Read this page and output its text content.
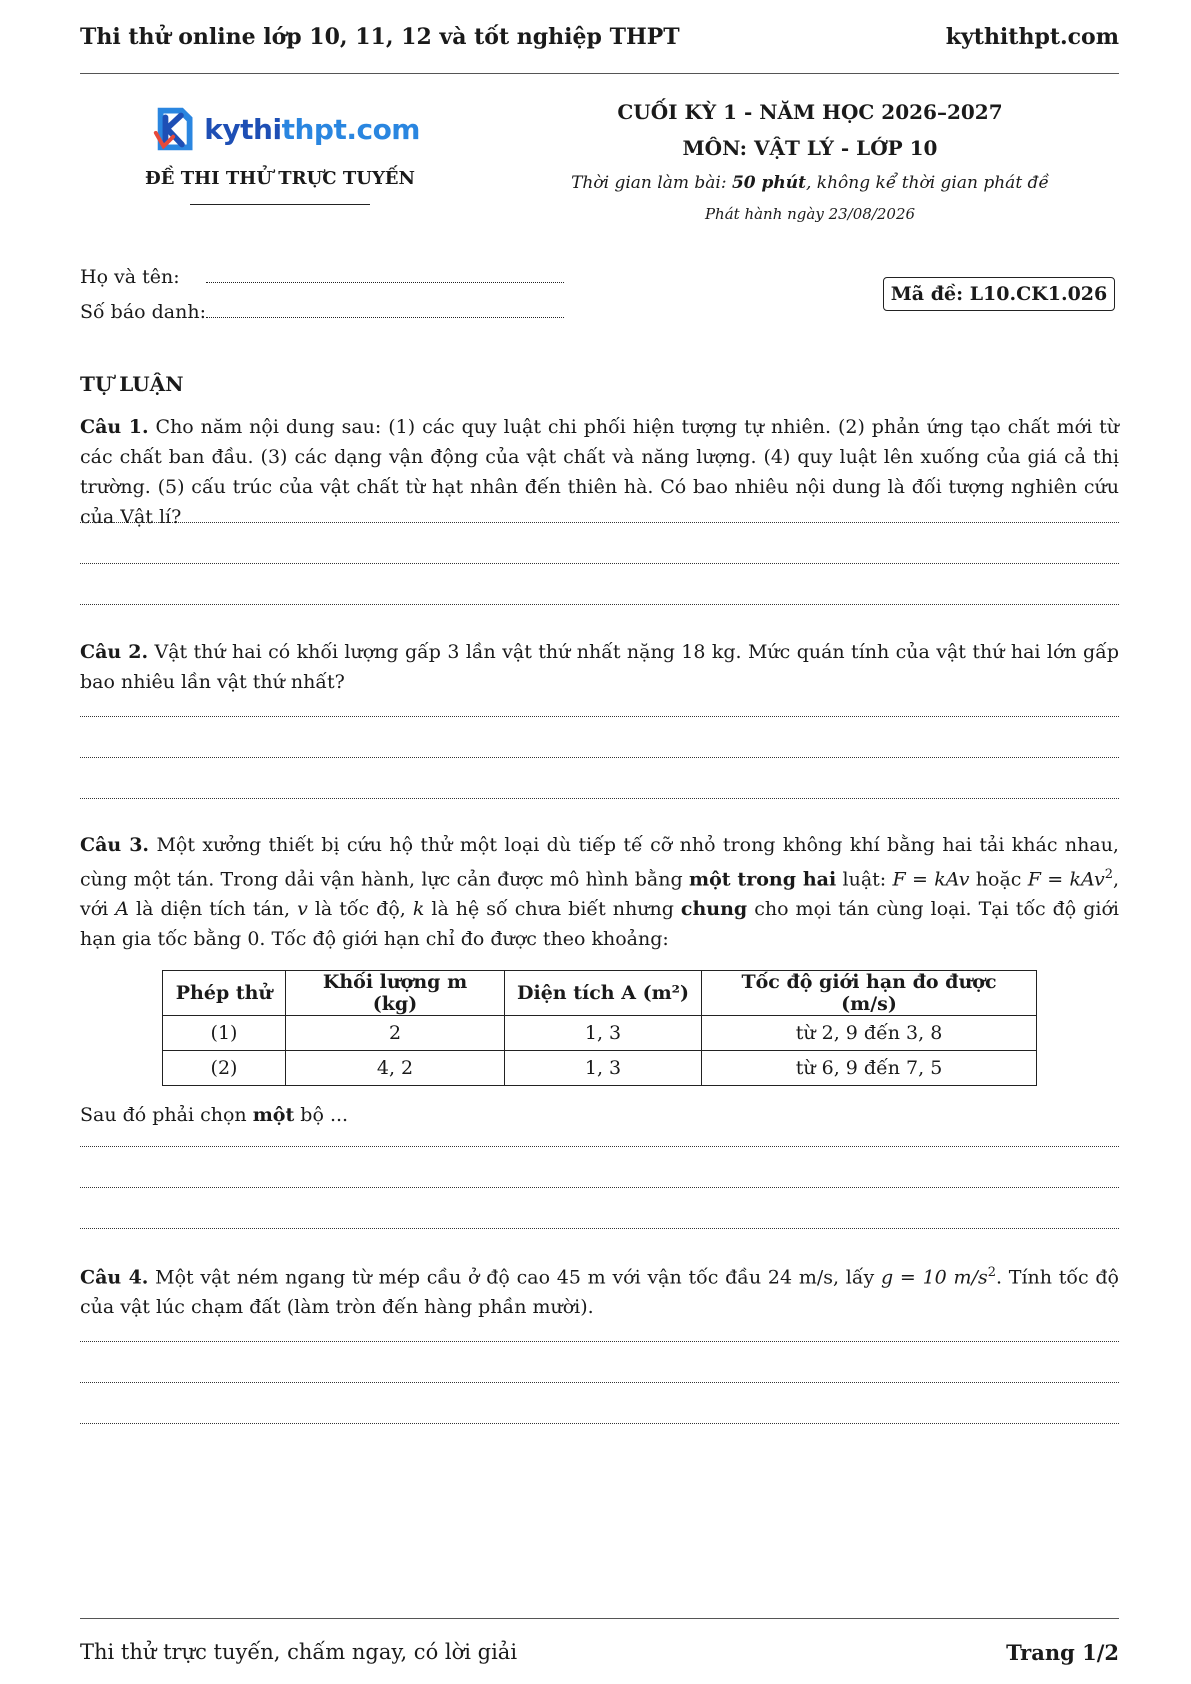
Thi thử online lớp 10, 11, 12 và tốt nghiệp THPT	kythithpt.com
kythithpt.com
ĐỀ THI THỬ TRỰC TUYẾN
CUỐI KỲ 1 - NĂM HỌC 2026–2027
MÔN: VẬT LÝ - LỚP 10
Thời gian làm bài: 50 phút, không kể thời gian phát đề
Phát hành ngày 23/08/2026
Họ và tên:
Số báo danh:
Mã đề: L10.CK1.026
TỰ LUẬN
Câu 1. Cho năm nội dung sau: (1) các quy luật chi phối hiện tượng tự nhiên. (2) phản ứng tạo chất mới từ các chất ban đầu. (3) các dạng vận động của vật chất và năng lượng. (4) quy luật lên xuống của giá cả thị trường. (5) cấu trúc của vật chất từ hạt nhân đến thiên hà. Có bao nhiêu nội dung là đối tượng nghiên cứu của Vật lí?
Câu 2. Vật thứ hai có khối lượng gấp 3 lần vật thứ nhất nặng 18 kg. Mức quán tính của vật thứ hai lớn gấp bao nhiêu lần vật thứ nhất?
Câu 3. Một xưởng thiết bị cứu hộ thử một loại dù tiếp tế cỡ nhỏ trong không khí bằng hai tải khác nhau, cùng một tán. Trong dải vận hành, lực cản được mô hình bằng một trong hai luật: F = kAv hoặc F = kAv$^2$, với A là diện tích tán, v là tốc độ, k là hệ số chưa biết nhưng chung cho mọi tán cùng loại. Tại tốc độ giới hạn gia tốc bằng 0. Tốc độ giới hạn chỉ đo được theo khoảng:
Phép thử	Khối lượng m (kg)	Diện tích A (m²)	Tốc độ giới hạn đo được (m/s)
(1)	2	1, 3	từ 2, 9 đến 3, 8
(2)	4, 2	1, 3	từ 6, 9 đến 7, 5
Sau đó phải chọn một bộ ...
Câu 4. Một vật ném ngang từ mép cầu ở độ cao 45 m với vận tốc đầu 24 m/s, lấy g = 10 $m/s^2$. Tính tốc độ của vật lúc chạm đất (làm tròn đến hàng phần mười).
Thi thử trực tuyến, chấm ngay, có lời giải	Trang 1/2
